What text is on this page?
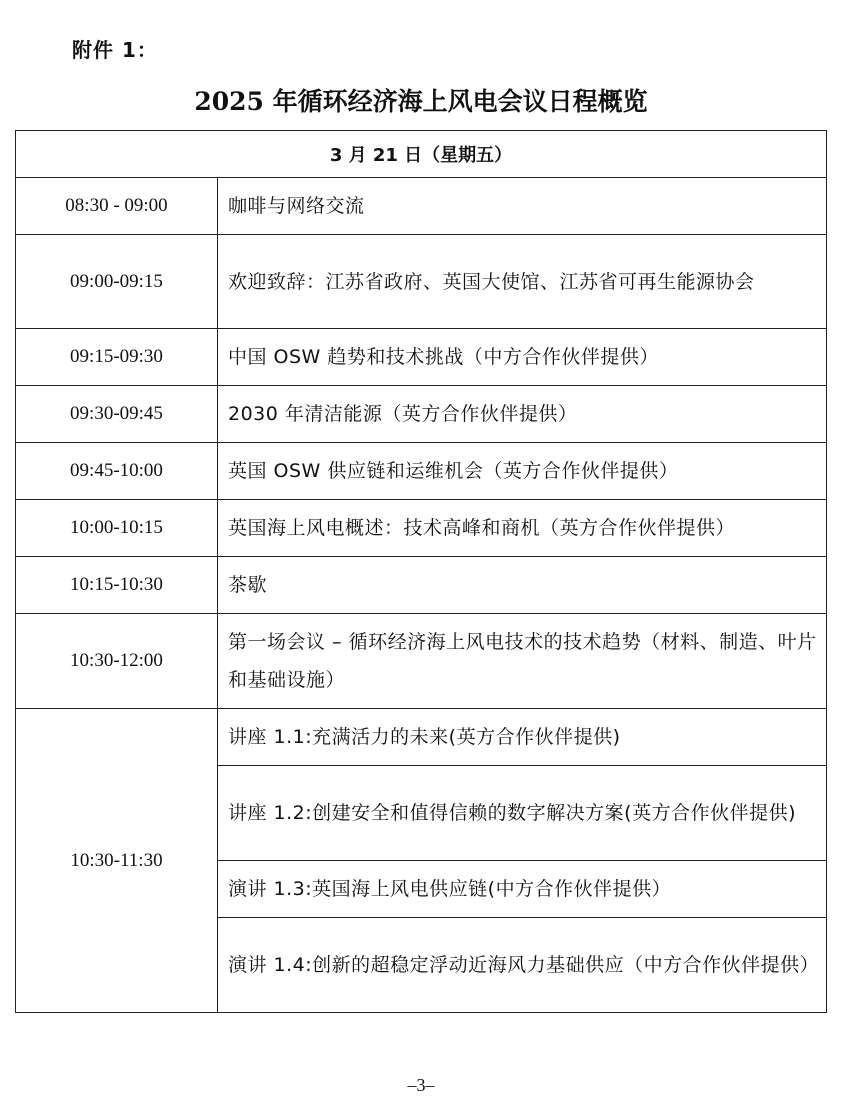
附件 1：
2025 年循环经济海上风电会议日程概览
3 月 21 日（星期五）	
08:30 - 09:00	咖啡与网络交流
09:00-09:15	欢迎致辞：江苏省政府、英国大使馆、江苏省可再生能源协会
09:15-09:30	中国 OSW 趋势和技术挑战（中方合作伙伴提供）
09:30-09:45	2030 年清洁能源（英方合作伙伴提供）
09:45-10:00	英国 OSW 供应链和运维机会（英方合作伙伴提供）
10:00-10:15	英国海上风电概述：技术高峰和商机（英方合作伙伴提供）
10:15-10:30	茶歇
10:30-12:00	第一场会议 – 循环经济海上风电技术的技术趋势（材料、制造、叶片和基础设施）
10:30-11:30	讲座 1.1:充满活力的未来(英方合作伙伴提供)
	讲座 1.2:创建安全和值得信赖的数字解决方案(英方合作伙伴提供)
	演讲 1.3:英国海上风电供应链(中方合作伙伴提供）
	演讲 1.4:创新的超稳定浮动近海风力基础供应（中方合作伙伴提供）
–3–
